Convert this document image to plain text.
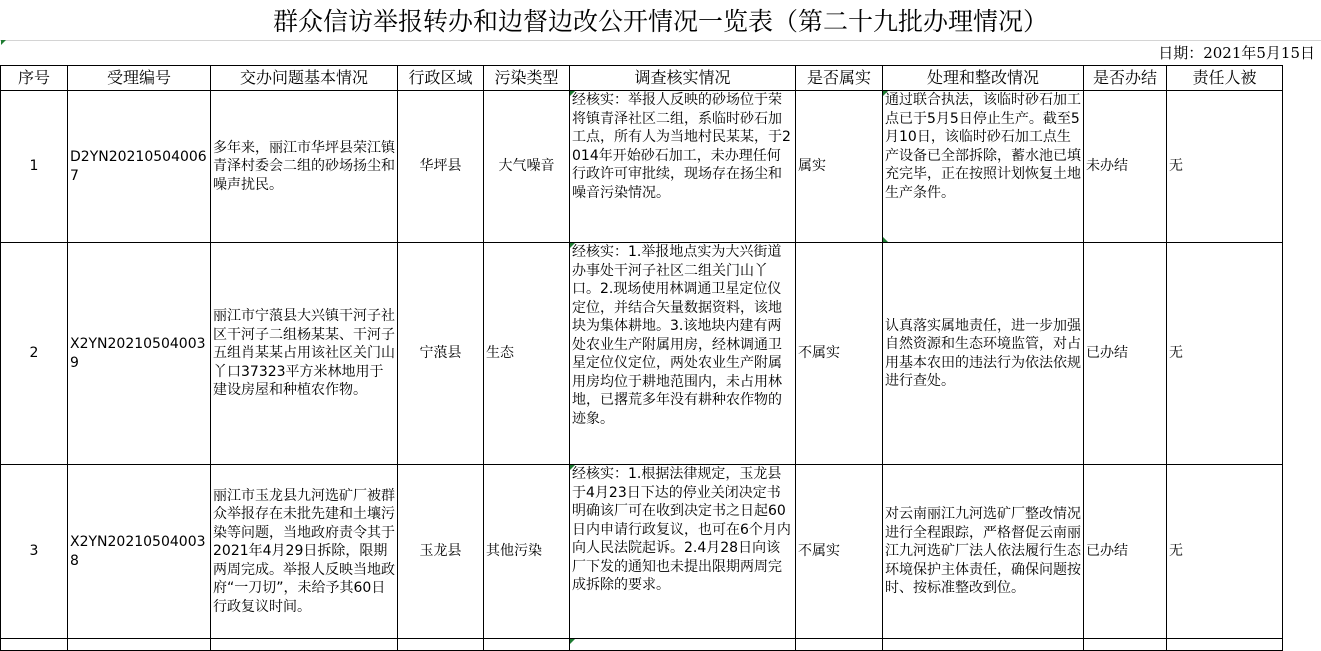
群众信访举报转办和边督边改公开情况一览表（第二十九批办理情况）
日期：2021年5月15日
序号	受理编号	交办问题基本情况	行政区域	污染类型	调查核实情况	是否属实	处理和整改情况	是否办结	责任人被
1	D2YN202105040067	多年来，丽江市华坪县荣江镇青泽村委会二组的砂场扬尘和噪声扰民。	华坪县	大气噪音	经核实：举报人反映的砂场位于荣将镇青泽社区二组，系临时砂石加工点，所有人为当地村民某某，于2014年开始砂石加工，未办理任何行政许可审批续，现场存在扬尘和噪音污染情况。	属实	通过联合执法，该临时砂石加工点已于5月5日停止生产。截至5月10日，该临时砂石加工点生产设备已全部拆除，蓄水池已填充完毕，正在按照计划恢复土地生产条件。	未办结	无
2	X2YN202105040039	丽江市宁蒗县大兴镇干河子社区干河子二组杨某某、干河子五组肖某某占用该社区关门山丫口37323平方米林地用于建设房屋和种植农作物。	宁蒗县	生态	经核实：1.举报地点实为大兴街道办事处干河子社区二组关门山丫口。2.现场使用林调通卫星定位仪定位，并结合矢量数据资料，该地块为集体耕地。3.该地块内建有两处农业生产附属用房，经林调通卫星定位仪定位，两处农业生产附属用房均位于耕地范围内，未占用林地，已撂荒多年没有耕种农作物的迹象。	不属实	认真落实属地责任，进一步加强自然资源和生态环境监管，对占用基本农田的违法行为依法依规进行查处。	已办结	无
3	X2YN202105040038	丽江市玉龙县九河选矿厂被群众举报存在未批先建和土壤污染等问题，当地政府责令其于2021年4月29日拆除，限期两周完成。举报人反映当地政府“一刀切”，未给予其60日行政复议时间。	玉龙县	其他污染	经核实：1.根据法律规定，玉龙县于4月23日下达的停业关闭决定书明确该厂可在收到决定书之日起60日内申请行政复议，也可在6个月内向人民法院起诉。2.4月28日向该厂下发的通知也未提出限期两周完成拆除的要求。	不属实	对云南丽江九河选矿厂整改情况进行全程跟踪，严格督促云南丽江九河选矿厂法人依法履行生态环境保护主体责任，确保问题按时、按标准整改到位。	已办结	无
